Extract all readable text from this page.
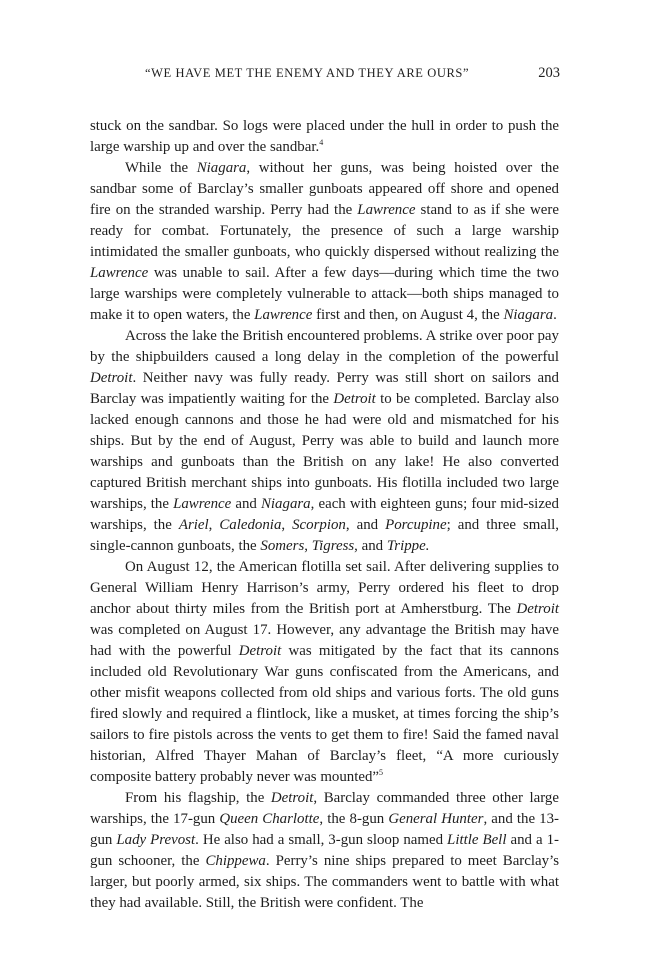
“WE HAVE MET THE ENEMY AND THEY ARE OURS”	203

stuck on the sandbar. So logs were placed under the hull in order to push the large warship up and over the sandbar.$^4$

While the Niagara, without her guns, was being hoisted over the sandbar some of Barclay’s smaller gunboats appeared off shore and opened fire on the stranded warship. Perry had the Lawrence stand to as if she were ready for combat. Fortunately, the presence of such a large warship intimidated the smaller gunboats, who quickly dispersed without realizing the Lawrence was unable to sail. After a few days—during which time the two large warships were completely vulnerable to attack—both ships managed to make it to open waters, the Lawrence first and then, on August 4, the Niagara.

Across the lake the British encountered problems. A strike over poor pay by the shipbuilders caused a long delay in the completion of the powerful Detroit. Neither navy was fully ready. Perry was still short on sailors and Barclay was impatiently waiting for the Detroit to be completed. Barclay also lacked enough cannons and those he had were old and mismatched for his ships. But by the end of August, Perry was able to build and launch more warships and gunboats than the British on any lake! He also converted captured British merchant ships into gunboats. His flotilla included two large warships, the Lawrence and Niagara, each with eighteen guns; four mid-sized warships, the Ariel, Caledonia, Scorpion, and Porcupine; and three small, single-cannon gunboats, the Somers, Tigress, and Trippe.

On August 12, the American flotilla set sail. After delivering supplies to General William Henry Harrison’s army, Perry ordered his fleet to drop anchor about thirty miles from the British port at Amherstburg. The Detroit was completed on August 17. However, any advantage the British may have had with the powerful Detroit was mitigated by the fact that its cannons included old Revolutionary War guns confiscated from the Americans, and other misfit weapons collected from old ships and various forts. The old guns fired slowly and required a flintlock, like a musket, at times forcing the ship’s sailors to fire pistols across the vents to get them to fire! Said the famed naval historian, Alfred Thayer Mahan of Barclay’s fleet, “A more curiously composite battery probably never was mounted”$^5$

From his flagship, the Detroit, Barclay commanded three other large warships, the 17-gun Queen Charlotte, the 8-gun General Hunter, and the 13-gun Lady Prevost. He also had a small, 3-gun sloop named Little Bell and a 1-gun schooner, the Chippewa. Perry’s nine ships prepared to meet Barclay’s larger, but poorly armed, six ships. The commanders went to battle with what they had available. Still, the British were confident. The
